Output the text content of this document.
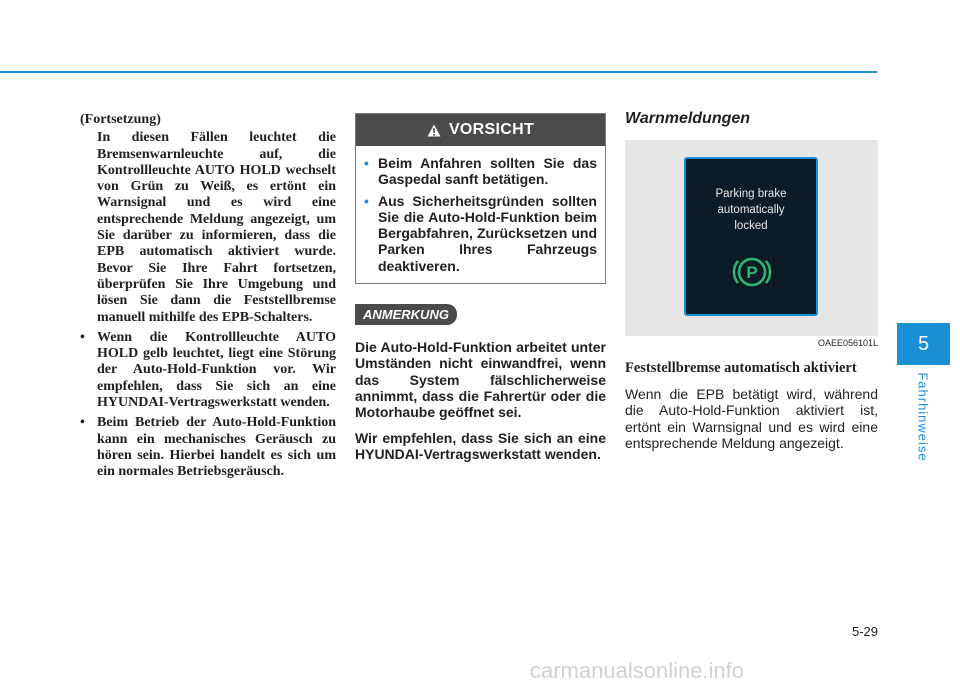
(Fortsetzung)
In diesen Fällen leuchtet die Bremsenwarnleuchte auf, die Kontrollleuchte AUTO HOLD wechselt von Grün zu Weiß, es ertönt ein Warnsignal und es wird eine entsprechende Meldung angezeigt, um Sie darüber zu informieren, dass die EPB automatisch aktiviert wurde. Bevor Sie Ihre Fahrt fortsetzen, überprüfen Sie Ihre Umgebung und lösen Sie dann die Feststellbremse manuell mithilfe des EPB-Schalters.
• Wenn die Kontrollleuchte AUTO HOLD gelb leuchtet, liegt eine Störung der Auto-Hold-Funktion vor. Wir empfehlen, dass Sie sich an eine HYUNDAI-Vertragswerkstatt wenden.
• Beim Betrieb der Auto-Hold-Funktion kann ein mechanisches Geräusch zu hören sein. Hierbei handelt es sich um ein normales Betriebsgeräusch.
VORSICHT
• Beim Anfahren sollten Sie das Gaspedal sanft betätigen.
• Aus Sicherheitsgründen sollten Sie die Auto-Hold-Funktion beim Bergabfahren, Zurücksetzen und Parken Ihres Fahrzeugs deaktiveren.
ANMERKUNG

Die Auto-Hold-Funktion arbeitet unter Umständen nicht einwandfrei, wenn das System fälschlicherweise annimmt, dass die Fahrertür oder die Motorhaube geöffnet sei.

Wir empfehlen, dass Sie sich an eine HYUNDAI-Vertragswerkstatt wenden.

Warnmeldungen
Parking brake
automatically
locked
P
OAEE056101L
Feststellbremse automatisch aktiviert
Wenn die EPB betätigt wird, während die Auto-Hold-Funktion aktiviert ist, ertönt ein Warnsignal und es wird eine entsprechende Meldung angezeigt.
5
Fahrhinweise
5-29
carmanualsonline.info
